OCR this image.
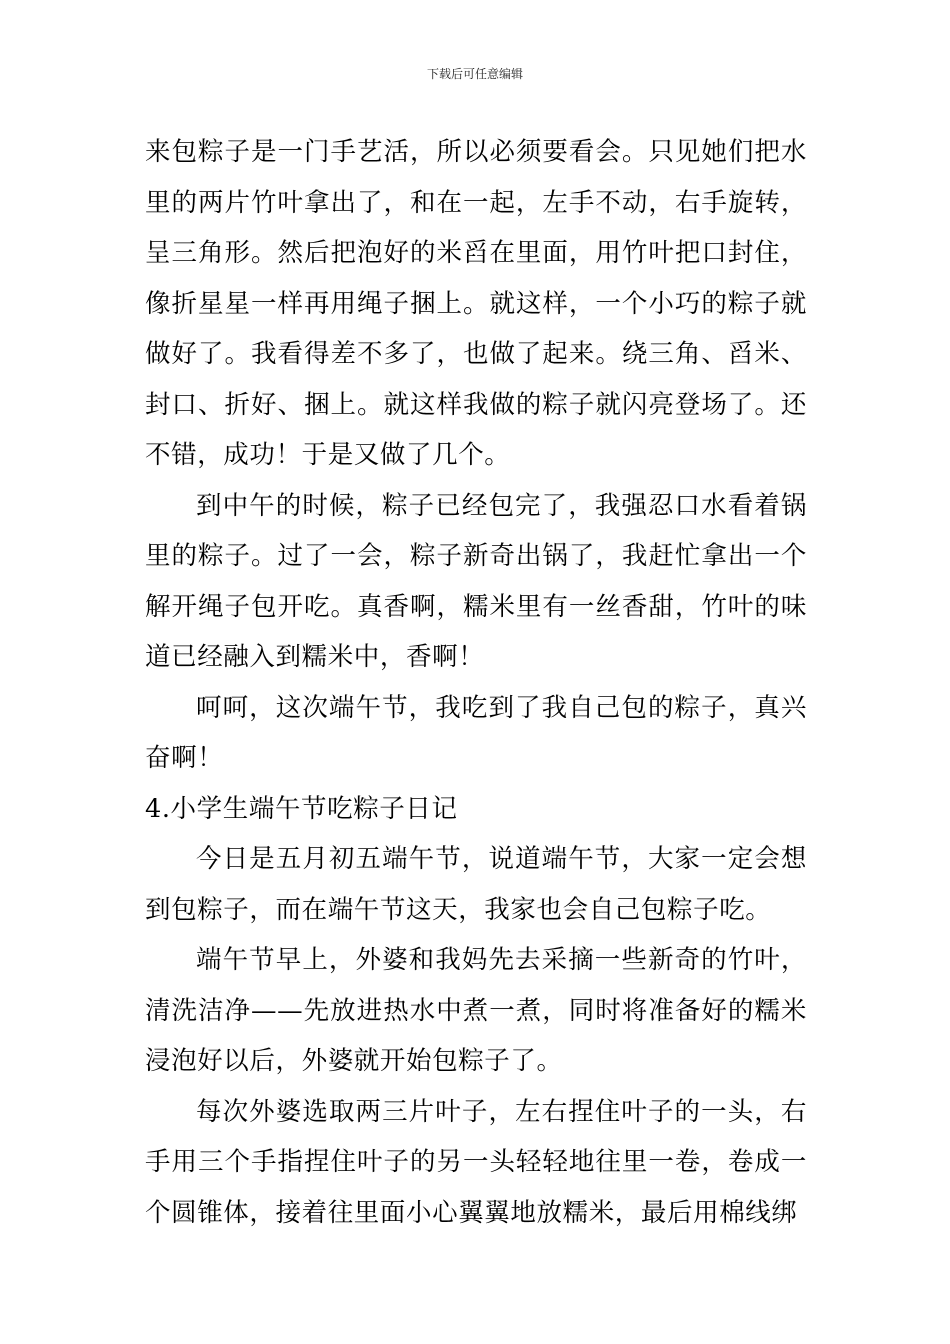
下载后可任意编辑

来包粽子是一门手艺活，所以必须要看会。只见她们把水里的两片竹叶拿出了，和在一起，左手不动，右手旋转，呈三角形。然后把泡好的米舀在里面，用竹叶把口封住，像折星星一样再用绳子捆上。就这样，一个小巧的粽子就做好了。我看得差不多了，也做了起来。绕三角、舀米、封口、折好、捆上。就这样我做的粽子就闪亮登场了。还不错，成功！于是又做了几个。

到中午的时候，粽子已经包完了，我强忍口水看着锅里的粽子。过了一会，粽子新奇出锅了，我赶忙拿出一个解开绳子包开吃。真香啊，糯米里有一丝香甜，竹叶的味道已经融入到糯米中，香啊！

呵呵，这次端午节，我吃到了我自己包的粽子，真兴奋啊！

4.小学生端午节吃粽子日记

今日是五月初五端午节，说道端午节，大家一定会想到包粽子，而在端午节这天，我家也会自己包粽子吃。

端午节早上，外婆和我妈先去采摘一些新奇的竹叶，清洗洁净——先放进热水中煮一煮，同时将准备好的糯米浸泡好以后，外婆就开始包粽子了。

每次外婆选取两三片叶子，左右捏住叶子的一头，右手用三个手指捏住叶子的另一头轻轻地往里一卷，卷成一个圆锥体，接着往里面小心翼翼地放糯米，最后用棉线绑
